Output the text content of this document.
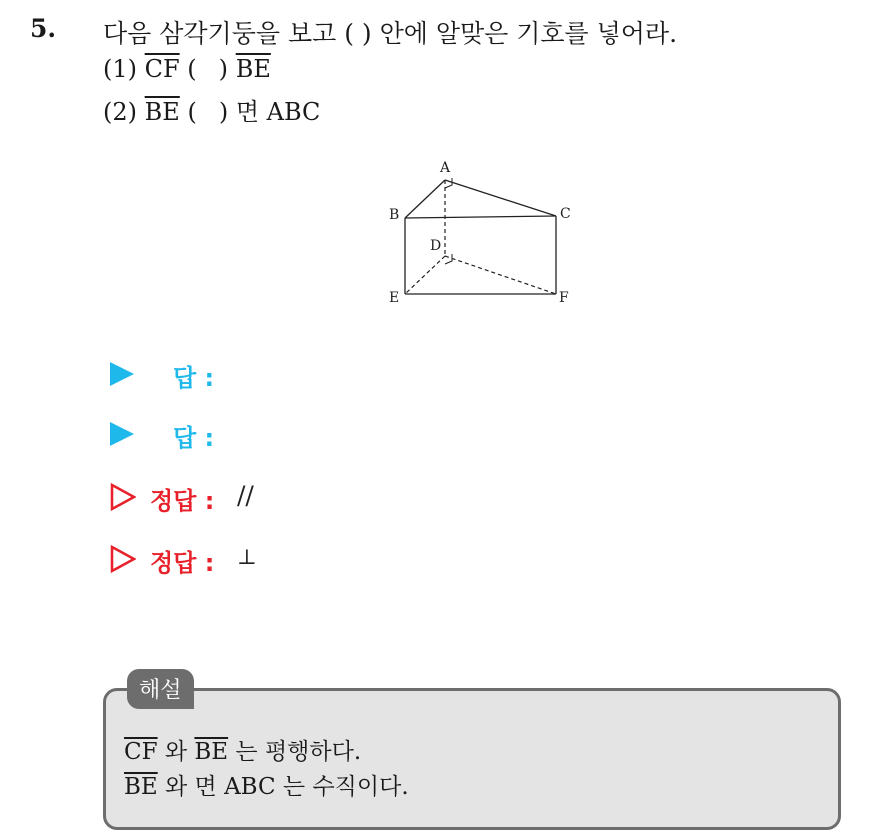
5. 다음 삼각기둥을 보고 ( ) 안에 알맞은 기호를 넣어라.
(1) $\overline{CF}$ ( ) $\overline{BE}$
(2) $\overline{BE}$ ( ) 면 ABC
A
B	C
D
E	F
답 :
답 :
정답 : //
정답 : ⊥
해설
$\overline{CF}$ 와 $\overline{BE}$ 는 평행하다.
$\overline{BE}$ 와 면 ABC 는 수직이다.
